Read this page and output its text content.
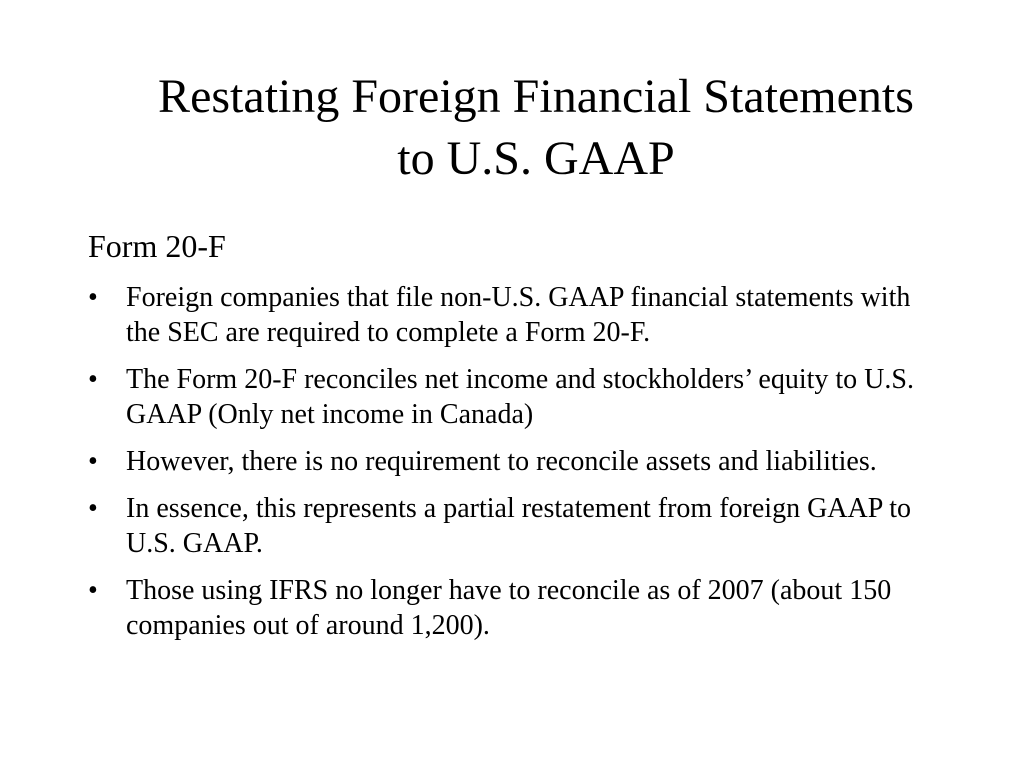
Restating Foreign Financial Statements
to U.S. GAAP
Form 20-F
•	Foreign companies that file non-U.S. GAAP financial statements with the SEC are required to complete a Form 20-F.
•	The Form 20-F reconciles net income and stockholders’ equity to U.S. GAAP (Only net income in Canada)
•	However, there is no requirement to reconcile assets and liabilities.
•	In essence, this represents a partial restatement from foreign GAAP to U.S. GAAP.
•	Those using IFRS no longer have to reconcile as of 2007 (about 150 companies out of around 1,200).
